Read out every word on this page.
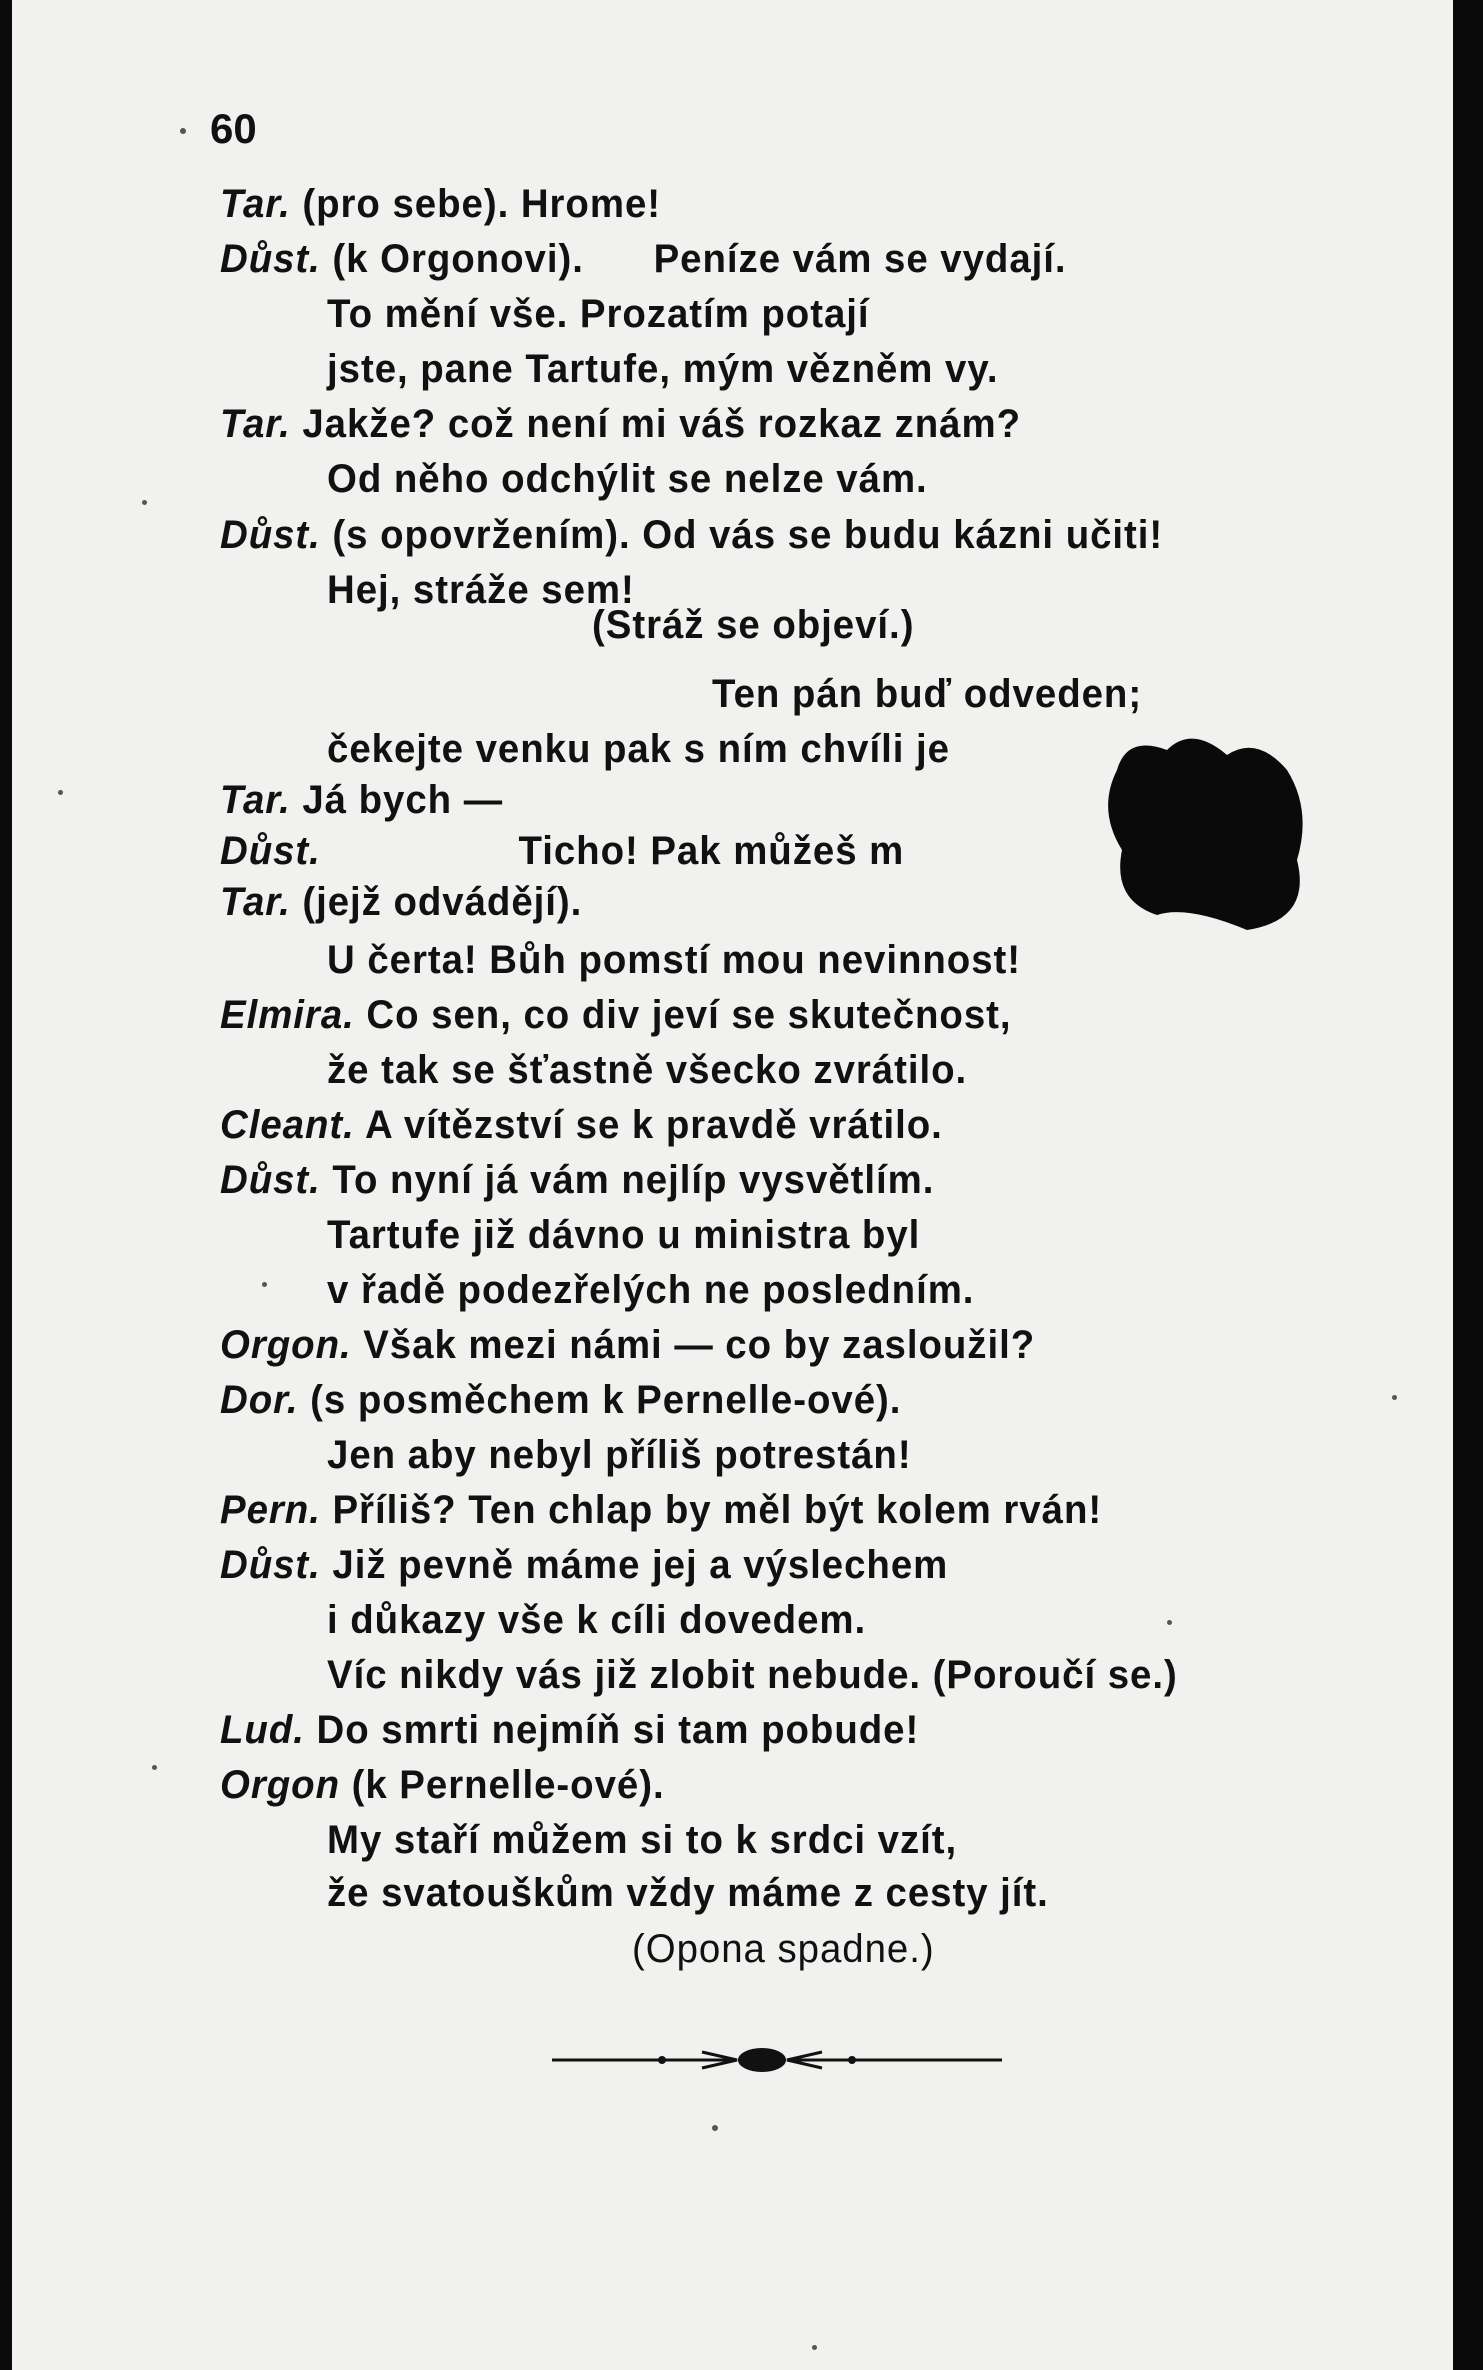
60
Tar. (pro sebe). Hrome!
Důst. (k Orgonovi).      Peníze vám se vydají.
To mění vše. Prozatím potají
jste, pane Tartufe, mým vězněm vy.
Tar. Jakže? což není mi váš rozkaz znám?
Od něho odchýlit se nelze vám.
Důst. (s opovržením). Od vás se budu kázni učiti!
Hej, stráže sem!
(Stráž se objeví.)
Ten pán buď odveden;
čekejte venku pak s ním chvíli je
Tar. Já bych —
Důst.                 Ticho! Pak můžeš m
Tar. (jejž odvádějí).
U čerta! Bůh pomstí mou nevinnost!
Elmira. Co sen, co div jeví se skutečnost,
že tak se šťastně všecko zvrátilo.
Cleant. A vítězství se k pravdě vrátilo.
Důst. To nyní já vám nejlíp vysvětlím.
Tartufe již dávno u ministra byl
v řadě podezřelých ne posledním.
Orgon. Však mezi námi — co by zasloužil?
Dor. (s posměchem k Pernelle-ové).
Jen aby nebyl příliš potrestán!
Pern. Příliš? Ten chlap by měl být kolem rván!
Důst. Již pevně máme jej a výslechem
i důkazy vše k cíli dovedem.
Víc nikdy vás již zlobit nebude. (Poroučí se.)
Lud. Do smrti nejmíň si tam pobude!
Orgon (k Pernelle-ové).
My staří můžem si to k srdci vzít,
že svatouškům vždy máme z cesty jít.
(Opona spadne.)
